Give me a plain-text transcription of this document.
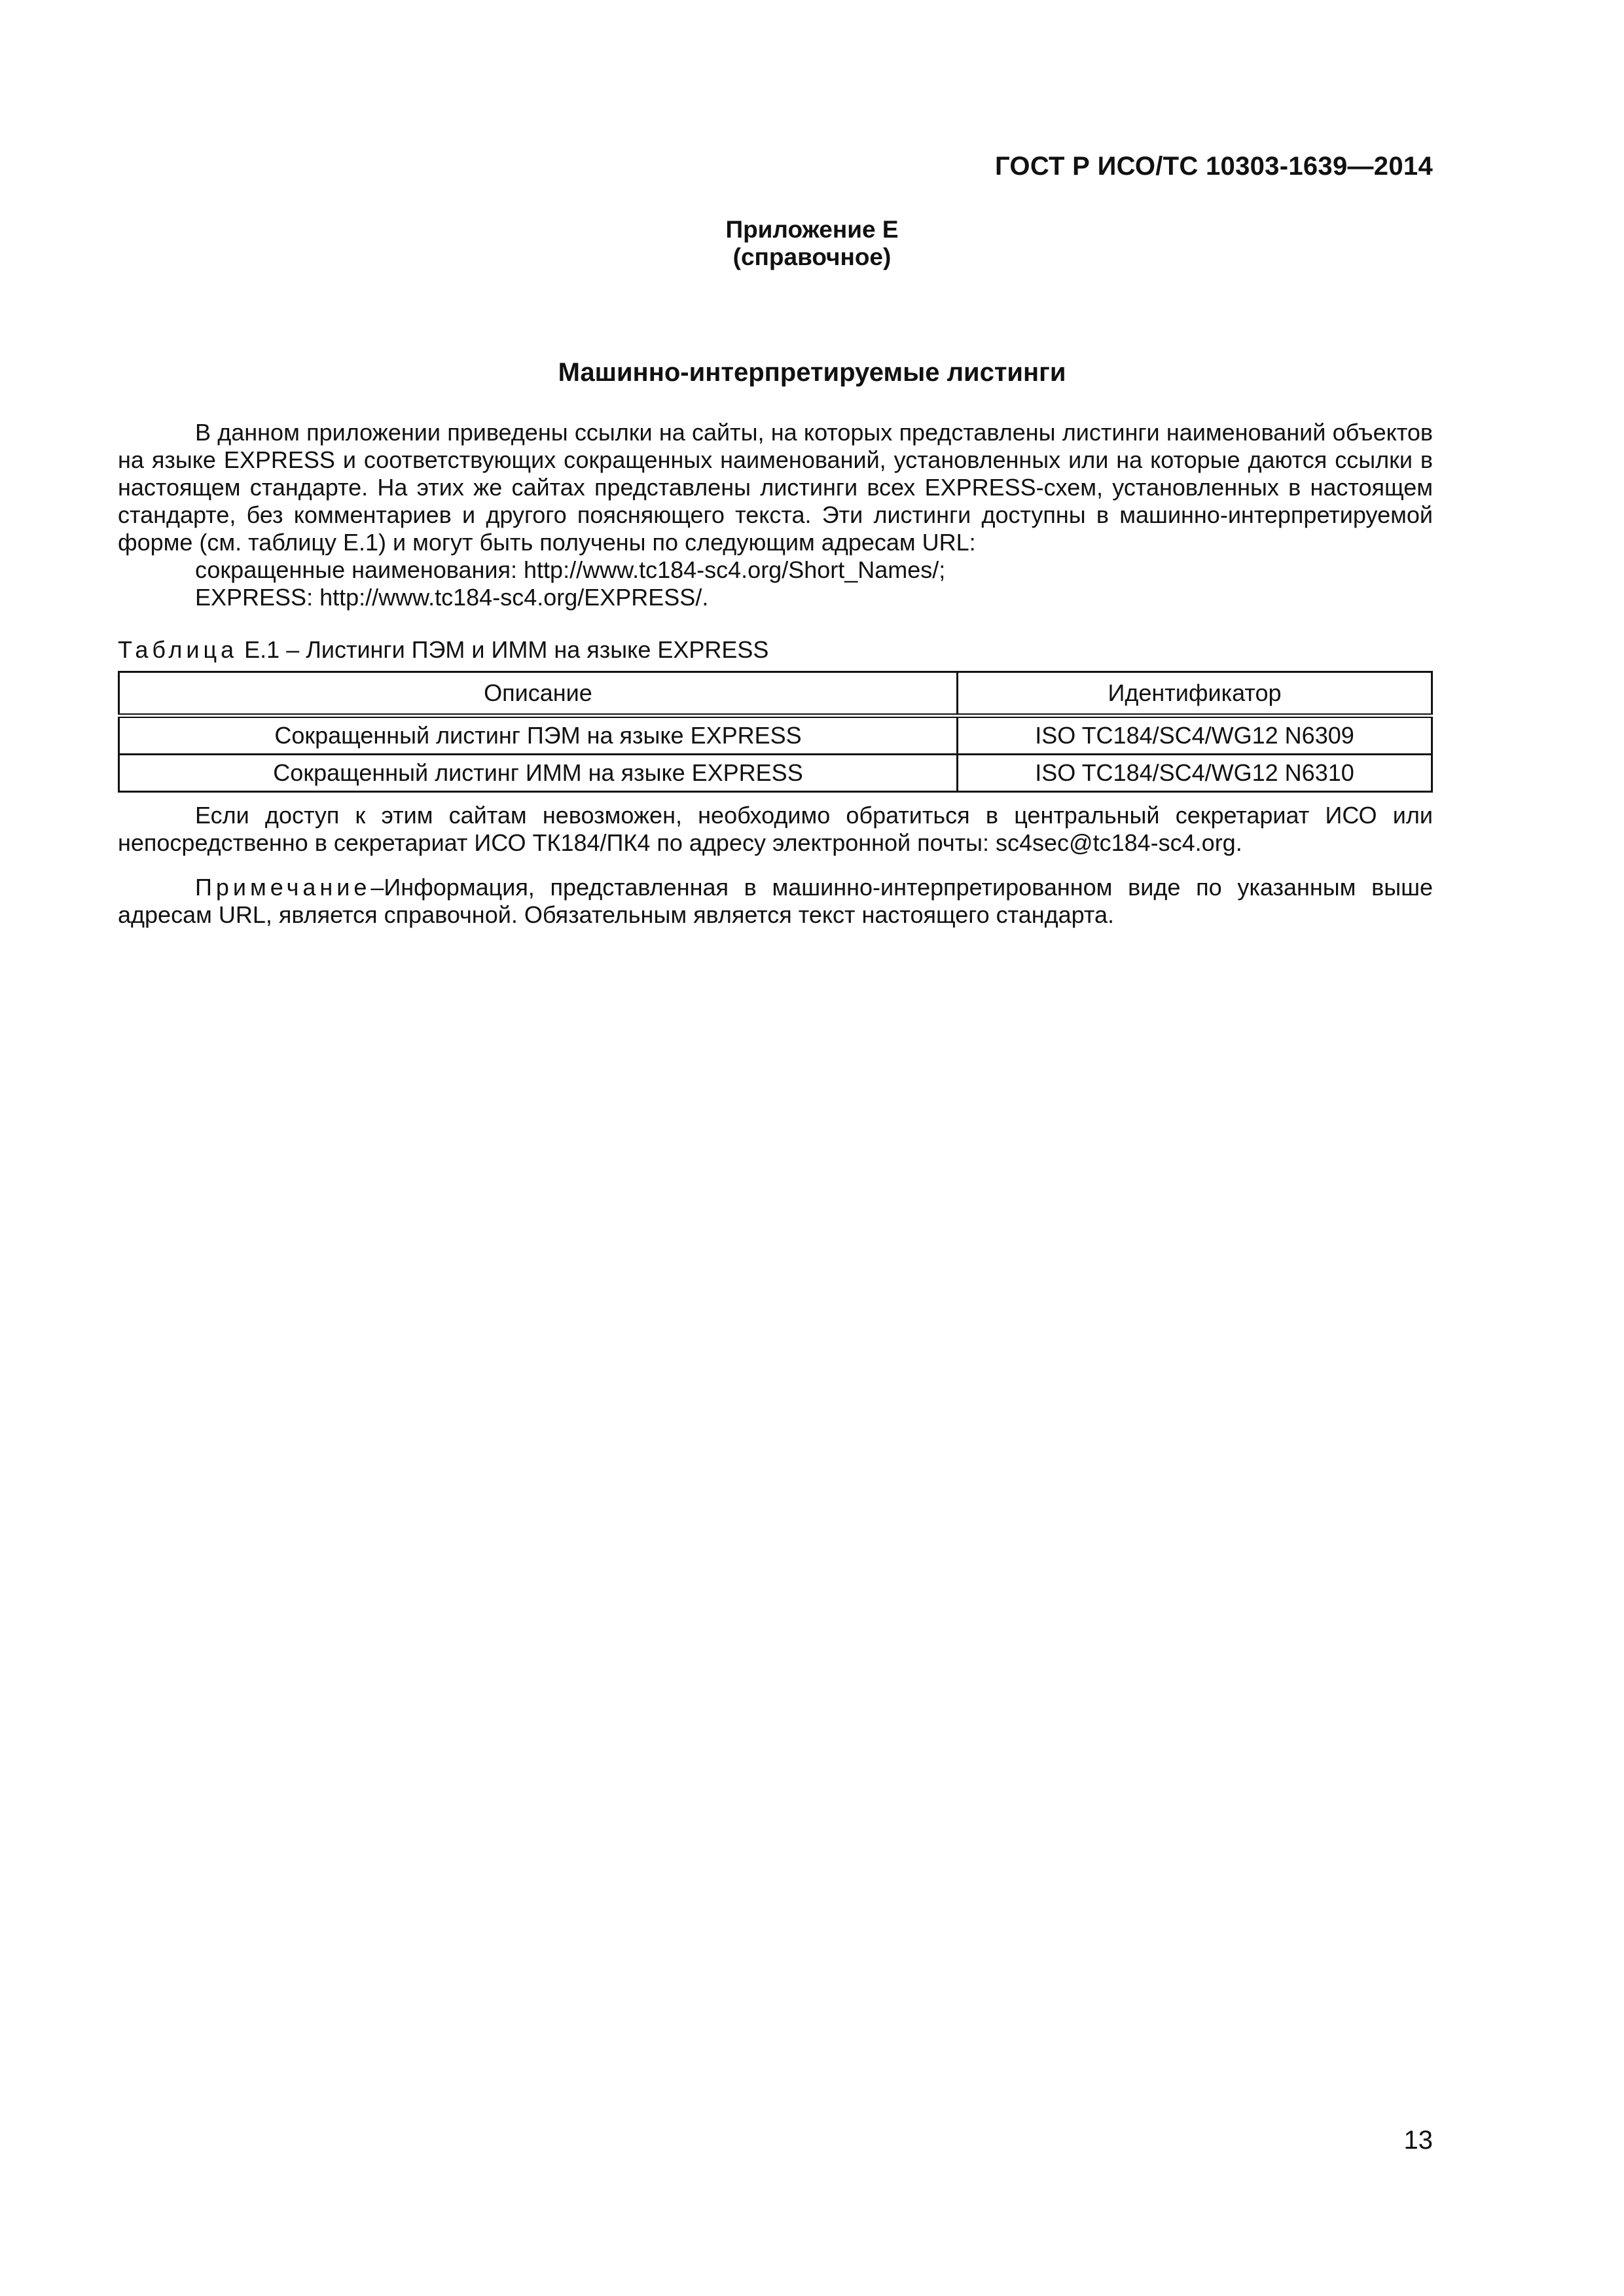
ГОСТ Р ИСО/ТС 10303-1639—2014
Приложение Е
(справочное)
Машинно-интерпретируемые листинги

В данном приложении приведены ссылки на сайты, на которых представлены листинги наименований объектов на языке EXPRESS и соответствующих сокращенных наименований, установленных или на которые даются ссылки в настоящем стандарте. На этих же сайтах представлены листинги всех EXPRESS-схем, установленных в настоящем стандарте, без комментариев и другого поясняющего текста. Эти листинги доступны в машинно-интерпретируемой форме (см. таблицу Е.1) и могут быть получены по следующим адресам URL:

сокращенные наименования: http://www.tc184-sc4.org/Short_Names/;

EXPRESS: http://www.tc184-sc4.org/EXPRESS/.

Таблица Е.1 – Листинги ПЭМ и ИММ на языке EXPRESS
Описание	Идентификатор
Сокращенный листинг ПЭМ на языке EXPRESS	ISO TC184/SC4/WG12 N6309
Сокращенный листинг ИММ на языке EXPRESS	ISO TC184/SC4/WG12 N6310

Если доступ к этим сайтам невозможен, необходимо обратиться в центральный секретариат ИСО или непосредственно в секретариат ИСО ТК184/ПК4 по адресу электронной почты: sc4sec@tc184-sc4.org.

Примечание–Информация, представленная в машинно-интерпретированном виде по указанным выше адресам URL, является справочной. Обязательным является текст настоящего стандарта.

13
